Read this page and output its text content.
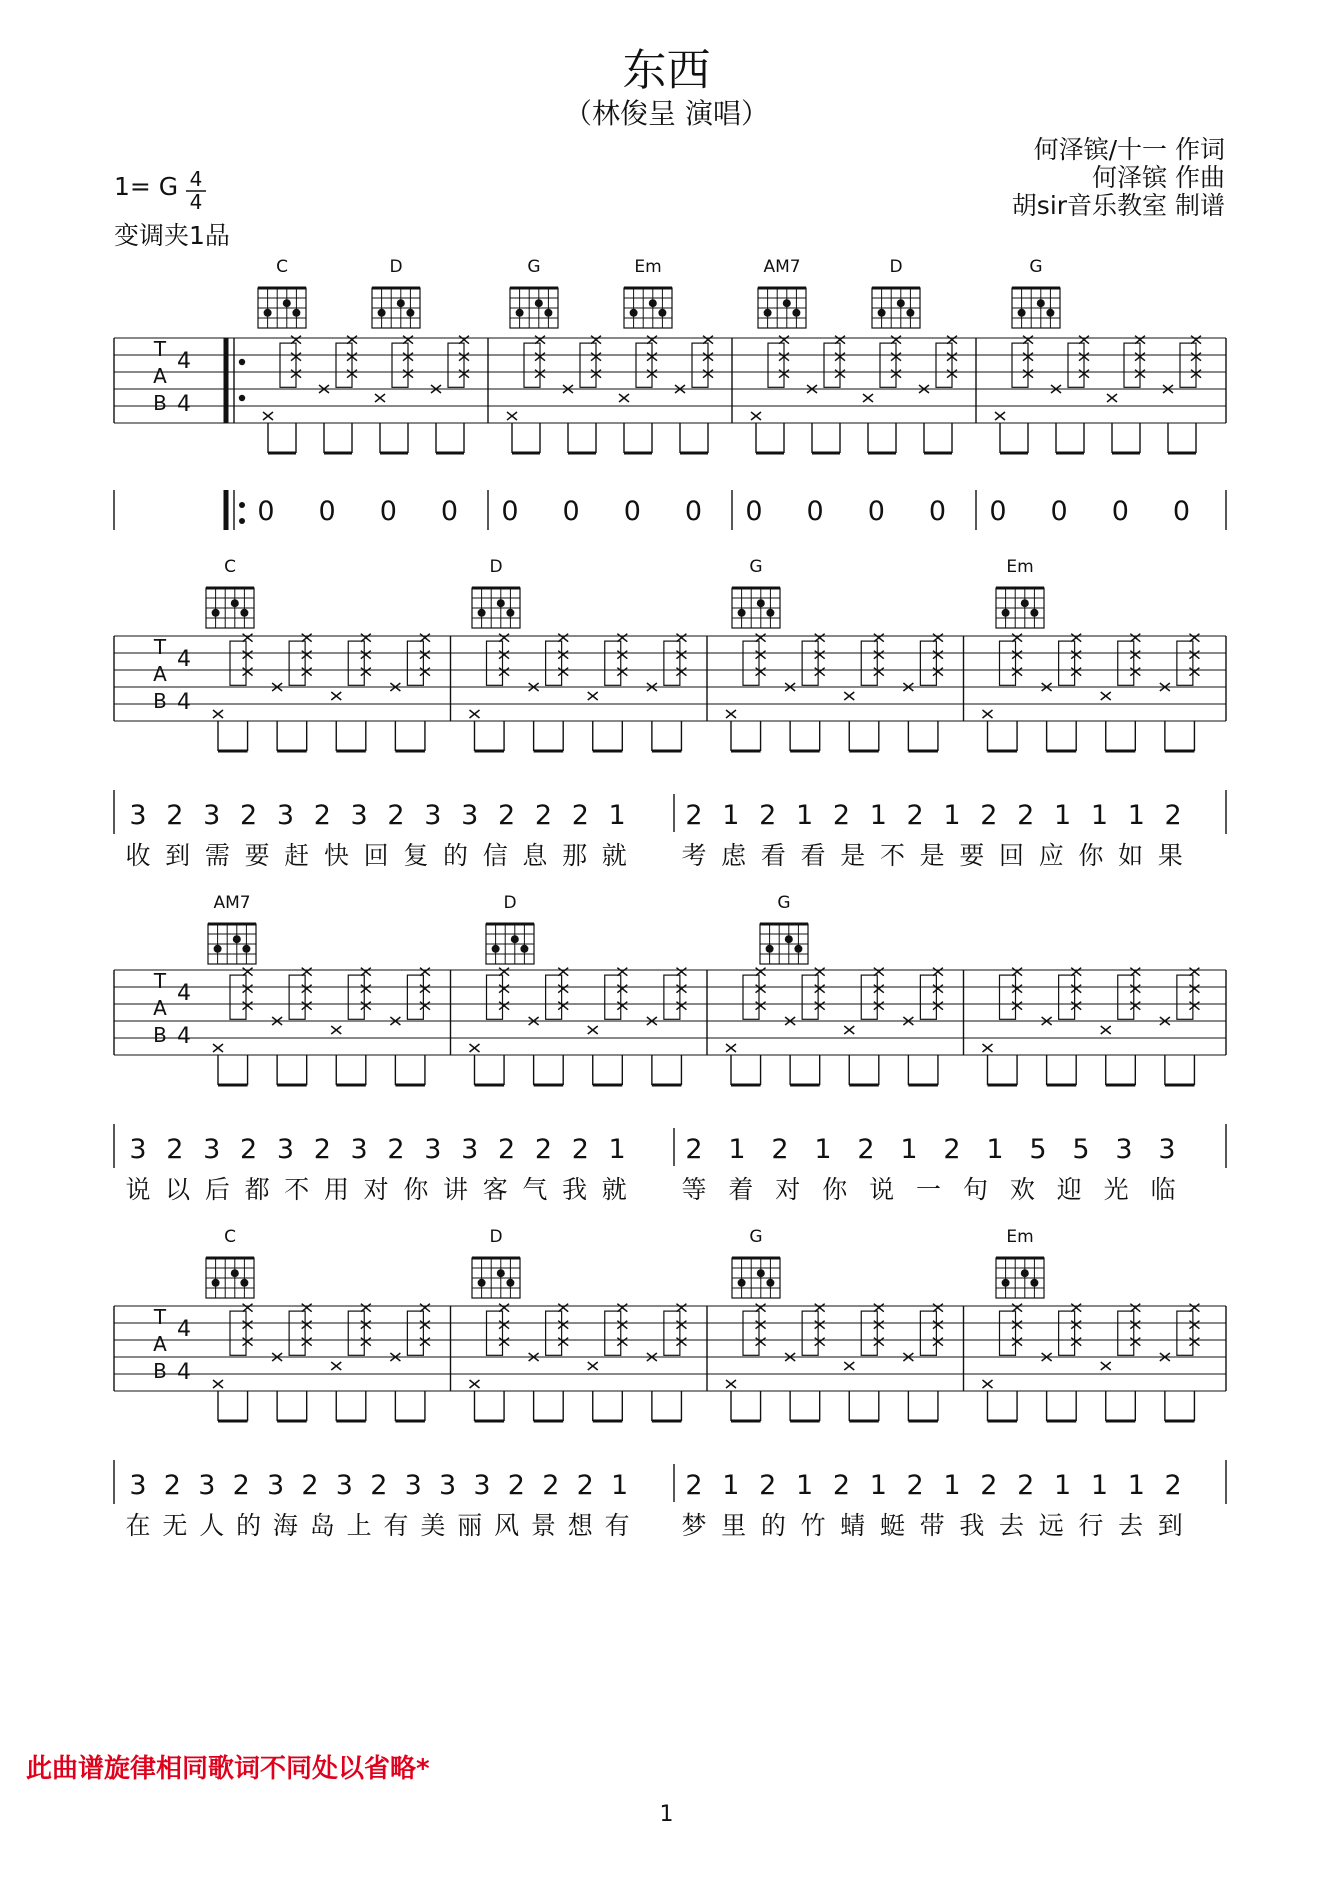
东西
（林俊呈 演唱）
何泽镔/十一 作词
何泽镔 作曲
胡sir音乐教室 制谱
1= G
变调夹1品
4
4
C	D	G	Em	AM7	D	G
T
A
B
4
4
0 0 0 0 0 0 0 0 0 0 0 0 0 0 0 0
C	D	G	Em
T
A
B
4
4
3 2 3 2 3 2 3 2 3 3 2 2 2 1 2 1 2 1 2 1 2 1 2 2 1 1 1 2
收 到 需 要 赶 快 回 复 的 信 息 那 就 考 虑 看 看 是 不 是 要 回 应 你 如 果
AM7	D	G
T
A
B
4
4
3 2 3 2 3 2 3 2 3 3 2 2 2 1 2 1 2 1 2 1 2 1 5 5 3 3
说 以 后 都 不 用 对 你 讲 客 气 我 就 等 着 对 你 说 一 句 欢 迎 光 临
C	D	G	Em
T
A
B
4
4
3 2 3 2 3 2 3 2 3 3 3 2 2 2 1 2 1 2 1 2 1 2 1 2 2 1 1 1 2
在 无 人 的 海 岛 上 有 美 丽 风 景 想 有 梦 里 的 竹 蜻 蜓 带 我 去 远 行 去 到
此曲谱旋律相同歌词不同处以省略*
1
